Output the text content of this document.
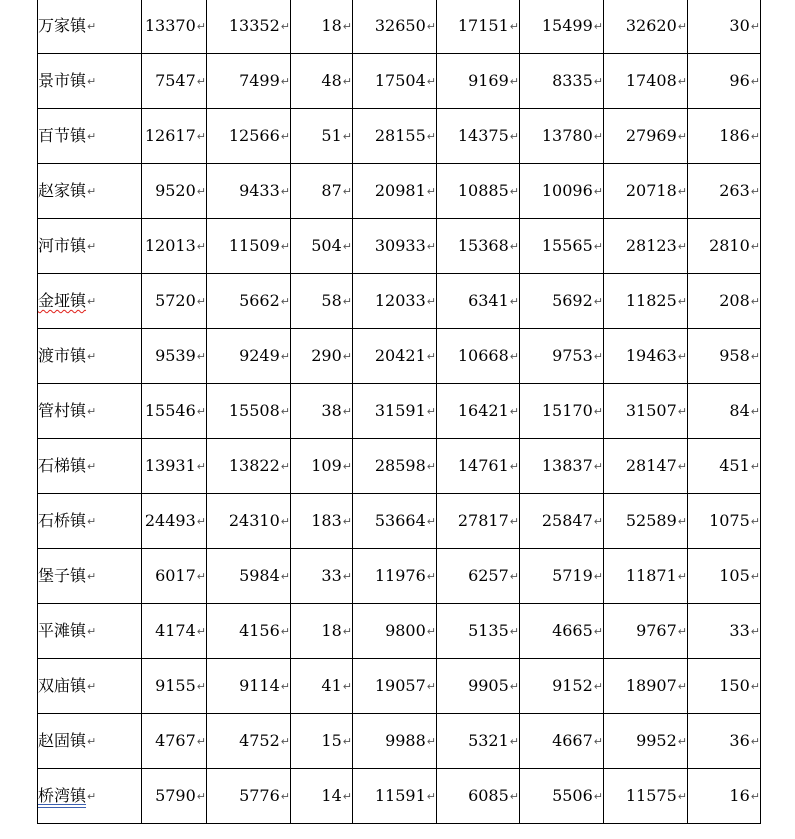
万家镇↵	13370↵	13352↵	18↵	32650↵	17151↵	15499↵	32620↵	30↵
景市镇↵	7547↵	7499↵	48↵	17504↵	9169↵	8335↵	17408↵	96↵
百节镇↵	12617↵	12566↵	51↵	28155↵	14375↵	13780↵	27969↵	186↵
赵家镇↵	9520↵	9433↵	87↵	20981↵	10885↵	10096↵	20718↵	263↵
河市镇↵	12013↵	11509↵	504↵	30933↵	15368↵	15565↵	28123↵	2810↵
金垭镇↵	5720↵	5662↵	58↵	12033↵	6341↵	5692↵	11825↵	208↵
渡市镇↵	9539↵	9249↵	290↵	20421↵	10668↵	9753↵	19463↵	958↵
管村镇↵	15546↵	15508↵	38↵	31591↵	16421↵	15170↵	31507↵	84↵
石梯镇↵	13931↵	13822↵	109↵	28598↵	14761↵	13837↵	28147↵	451↵
石桥镇↵	24493↵	24310↵	183↵	53664↵	27817↵	25847↵	52589↵	1075↵
堡子镇↵	6017↵	5984↵	33↵	11976↵	6257↵	5719↵	11871↵	105↵
平滩镇↵	4174↵	4156↵	18↵	9800↵	5135↵	4665↵	9767↵	33↵
双庙镇↵	9155↵	9114↵	41↵	19057↵	9905↵	9152↵	18907↵	150↵
赵固镇↵	4767↵	4752↵	15↵	9988↵	5321↵	4667↵	9952↵	36↵
桥湾镇↵	5790↵	5776↵	14↵	11591↵	6085↵	5506↵	11575↵	16↵
